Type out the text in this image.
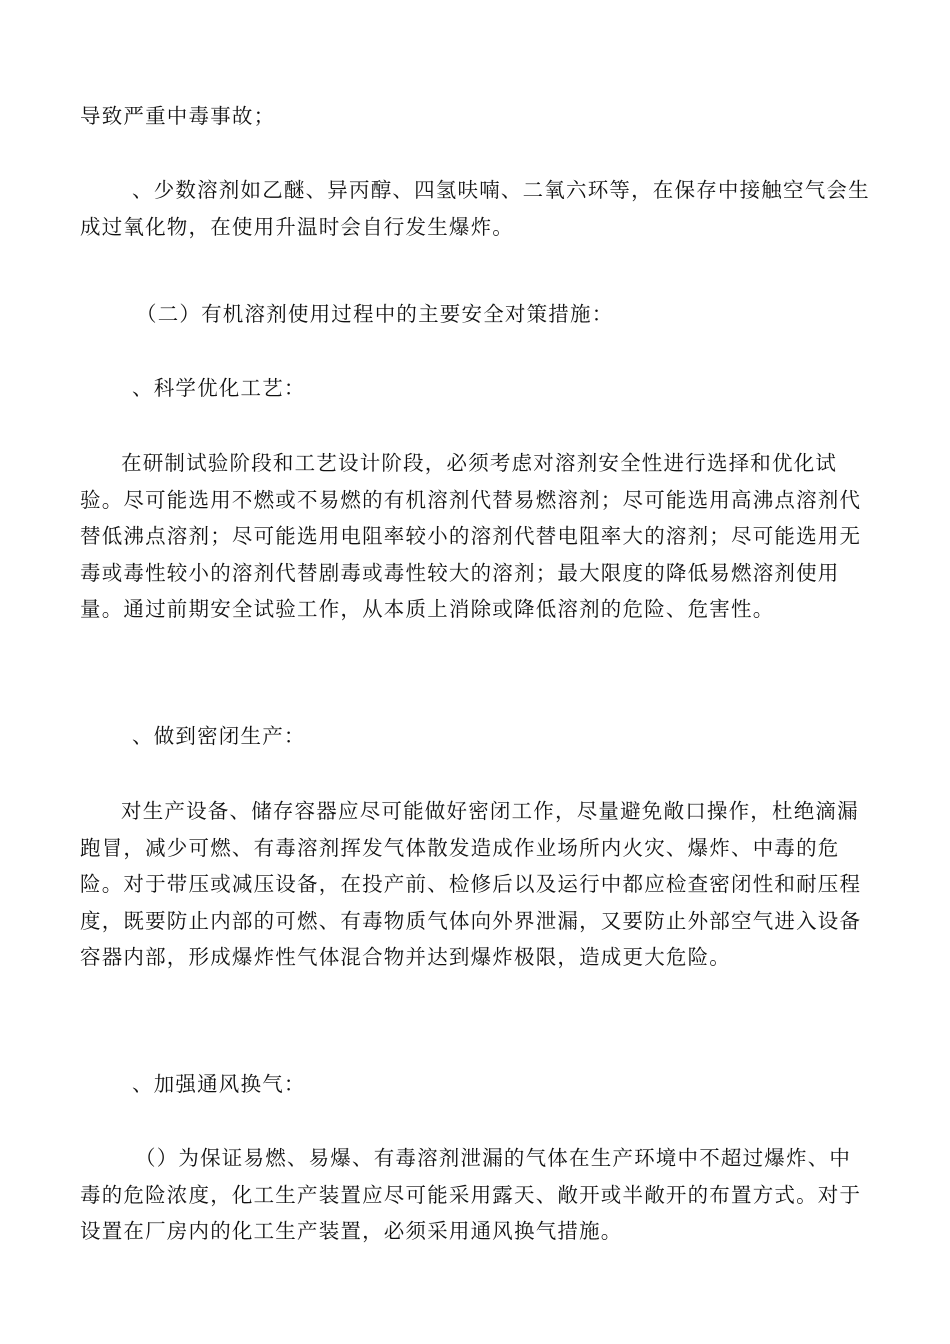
导致严重中毒事故；

、少数溶剂如乙醚、异丙醇、四氢呋喃、二氧六环等，在保存中接触空气会生成过氧化物，在使用升温时会自行发生爆炸。

（二）有机溶剂使用过程中的主要安全对策措施：

、科学优化工艺：

在研制试验阶段和工艺设计阶段，必须考虑对溶剂安全性进行选择和优化试验。尽可能选用不燃或不易燃的有机溶剂代替易燃溶剂；尽可能选用高沸点溶剂代替低沸点溶剂；尽可能选用电阻率较小的溶剂代替电阻率大的溶剂；尽可能选用无毒或毒性较小的溶剂代替剧毒或毒性较大的溶剂；最大限度的降低易燃溶剂使用量。通过前期安全试验工作，从本质上消除或降低溶剂的危险、危害性。

、做到密闭生产：

对生产设备、储存容器应尽可能做好密闭工作，尽量避免敞口操作，杜绝滴漏跑冒，减少可燃、有毒溶剂挥发气体散发造成作业场所内火灾、爆炸、中毒的危险。对于带压或减压设备，在投产前、检修后以及运行中都应检查密闭性和耐压程度，既要防止内部的可燃、有毒物质气体向外界泄漏，又要防止外部空气进入设备容器内部，形成爆炸性气体混合物并达到爆炸极限，造成更大危险。

、加强通风换气：

（）为保证易燃、易爆、有毒溶剂泄漏的气体在生产环境中不超过爆炸、中毒的危险浓度，化工生产装置应尽可能采用露天、敞开或半敞开的布置方式。对于设置在厂房内的化工生产装置，必须采用通风换气措施。
